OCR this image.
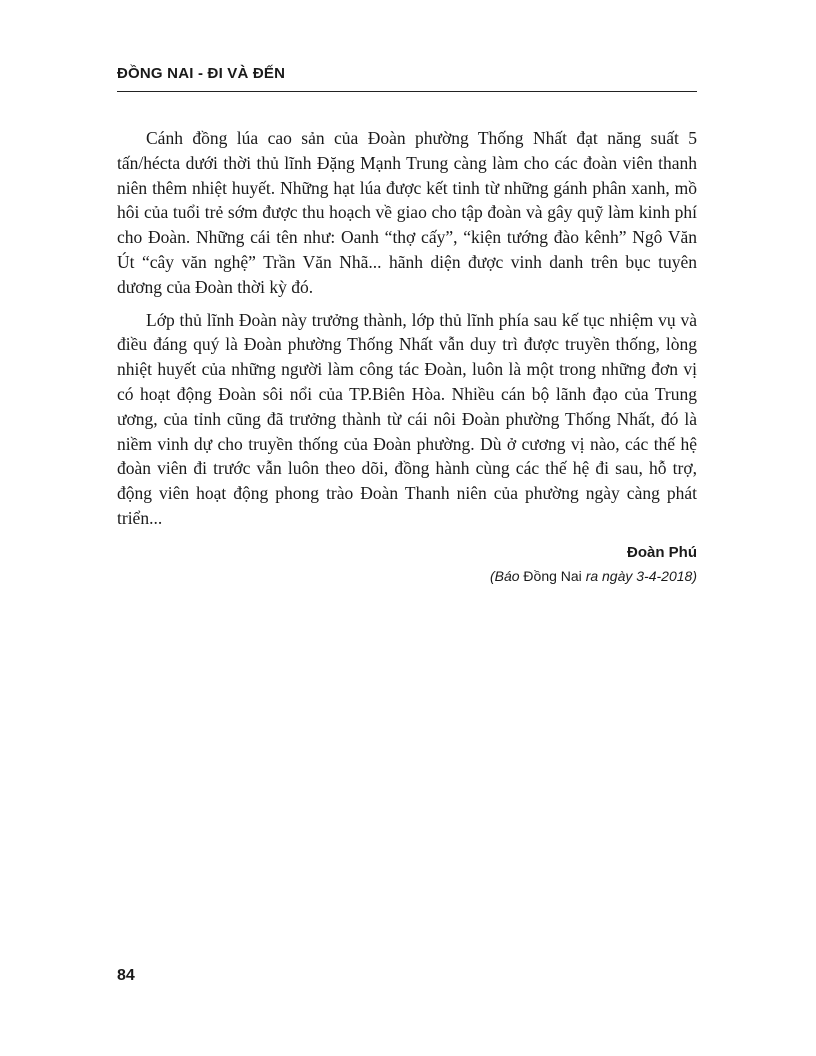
ĐỒNG NAI - ĐI VÀ ĐẾN

Cánh đồng lúa cao sản của Đoàn phường Thống Nhất đạt năng suất 5 tấn/hécta dưới thời thủ lĩnh Đặng Mạnh Trung càng làm cho các đoàn viên thanh niên thêm nhiệt huyết. Những hạt lúa được kết tinh từ những gánh phân xanh, mồ hôi của tuổi trẻ sớm được thu hoạch về giao cho tập đoàn và gây quỹ làm kinh phí cho Đoàn. Những cái tên như: Oanh “thợ cấy”, “kiện tướng đào kênh” Ngô Văn Út “cây văn nghệ” Trần Văn Nhã... hãnh diện được vinh danh trên bục tuyên dương của Đoàn thời kỳ đó.

Lớp thủ lĩnh Đoàn này trưởng thành, lớp thủ lĩnh phía sau kế tục nhiệm vụ và điều đáng quý là Đoàn phường Thống Nhất vẫn duy trì được truyền thống, lòng nhiệt huyết của những người làm công tác Đoàn, luôn là một trong những đơn vị có hoạt động Đoàn sôi nổi của TP.Biên Hòa. Nhiều cán bộ lãnh đạo của Trung ương, của tỉnh cũng đã trưởng thành từ cái nôi Đoàn phường Thống Nhất, đó là niềm vinh dự cho truyền thống của Đoàn phường. Dù ở cương vị nào, các thế hệ đoàn viên đi trước vẫn luôn theo dõi, đồng hành cùng các thế hệ đi sau, hỗ trợ, động viên hoạt động phong trào Đoàn Thanh niên của phường ngày càng phát triển...

Đoàn Phú
(Báo Đồng Nai ra ngày 3-4-2018)
84
